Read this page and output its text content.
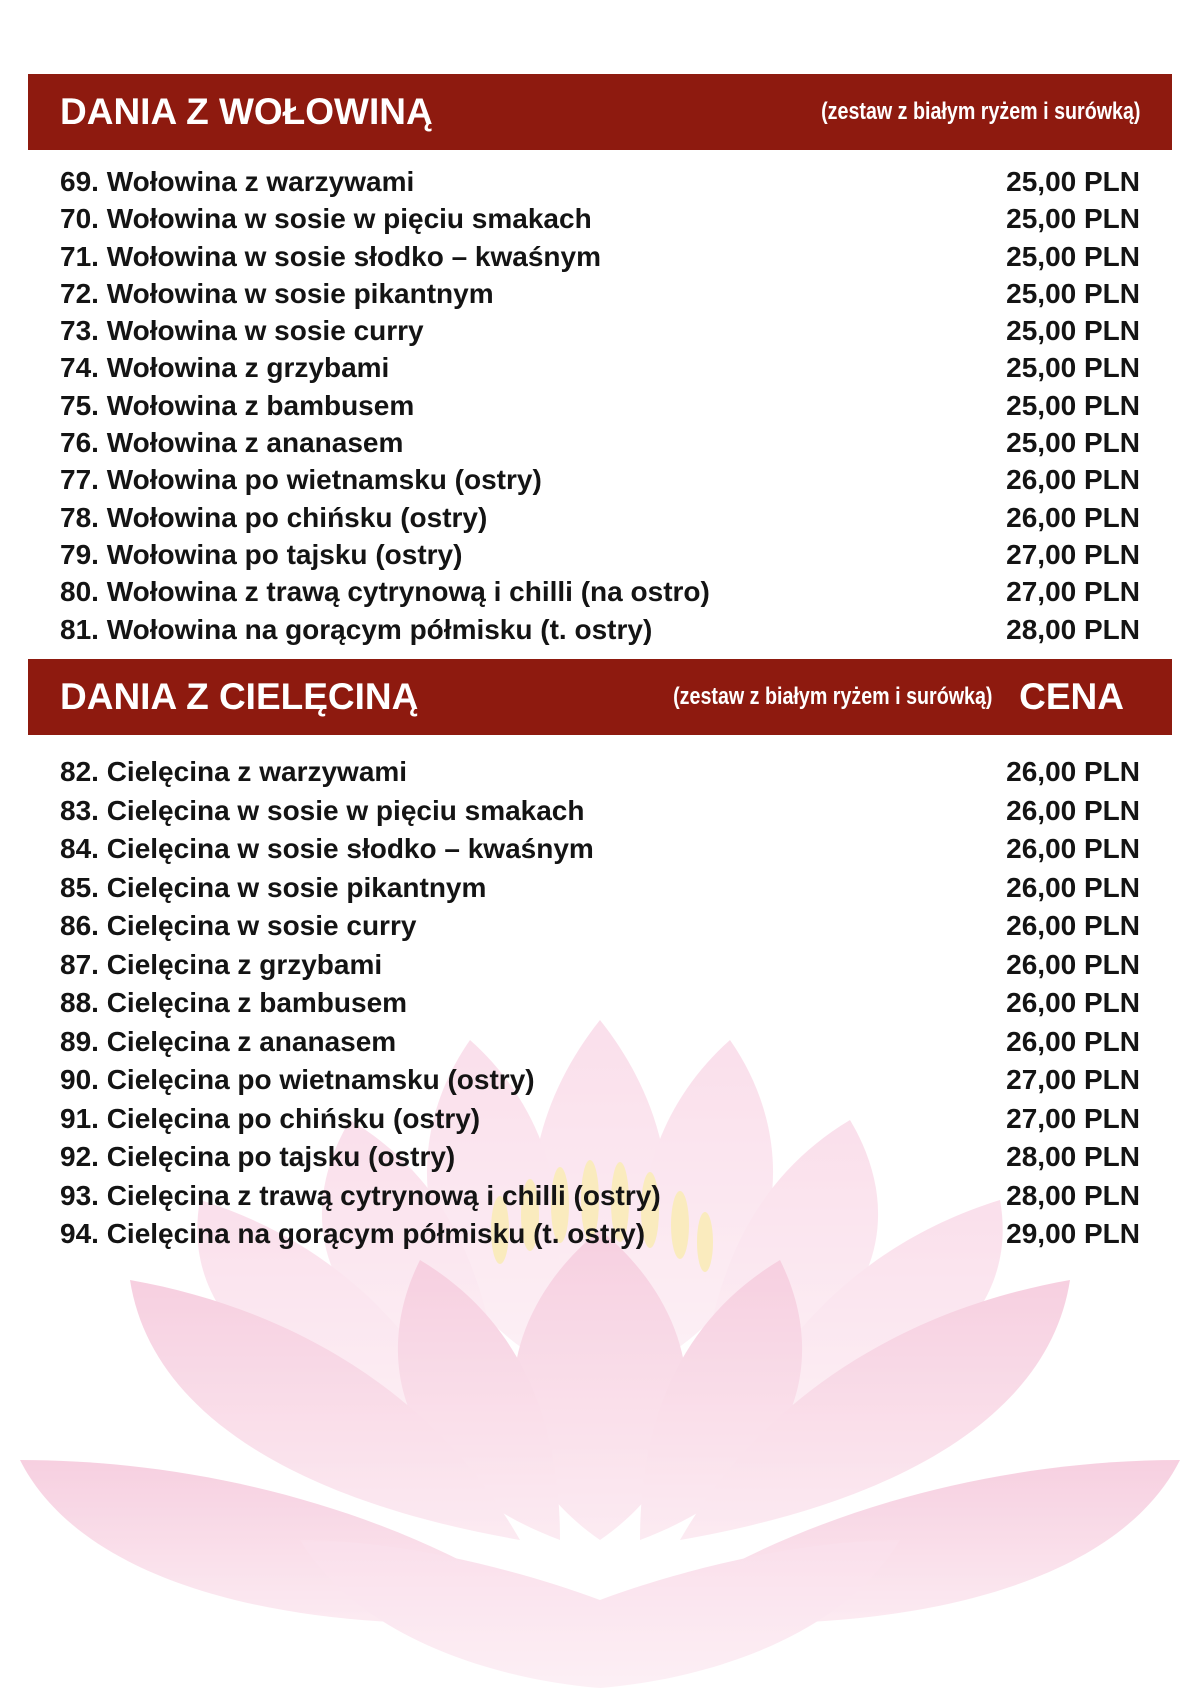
DANIA Z WOŁOWINĄ	(zestaw z białym ryżem i surówką)
69. Wołowina z warzywami	25,00 PLN
70. Wołowina w sosie w pięciu smakach	25,00 PLN
71. Wołowina w sosie słodko – kwaśnym	25,00 PLN
72. Wołowina w sosie pikantnym	25,00 PLN
73. Wołowina w sosie curry	25,00 PLN
74. Wołowina z grzybami	25,00 PLN
75. Wołowina z bambusem	25,00 PLN
76. Wołowina z ananasem	25,00 PLN
77. Wołowina po wietnamsku (ostry)	26,00 PLN
78. Wołowina po chińsku (ostry)	26,00 PLN
79. Wołowina po tajsku (ostry)	27,00 PLN
80. Wołowina z trawą cytrynową i chilli (na ostro)	27,00 PLN
81. Wołowina na gorącym półmisku (t. ostry)	28,00 PLN
DANIA Z CIELĘCINĄ	(zestaw z białym ryżem i surówką) CENA
82. Cielęcina z warzywami	26,00 PLN
83. Cielęcina w sosie w pięciu smakach	26,00 PLN
84. Cielęcina w sosie słodko – kwaśnym	26,00 PLN
85. Cielęcina w sosie pikantnym	26,00 PLN
86. Cielęcina w sosie curry	26,00 PLN
87. Cielęcina z grzybami	26,00 PLN
88. Cielęcina z bambusem	26,00 PLN
89. Cielęcina z ananasem	26,00 PLN
90. Cielęcina po wietnamsku (ostry)	27,00 PLN
91. Cielęcina po chińsku (ostry)	27,00 PLN
92. Cielęcina po tajsku (ostry)	28,00 PLN
93. Cielęcina z trawą cytrynową i chilli (ostry)	28,00 PLN
94. Cielęcina na gorącym półmisku (t. ostry)	29,00 PLN
